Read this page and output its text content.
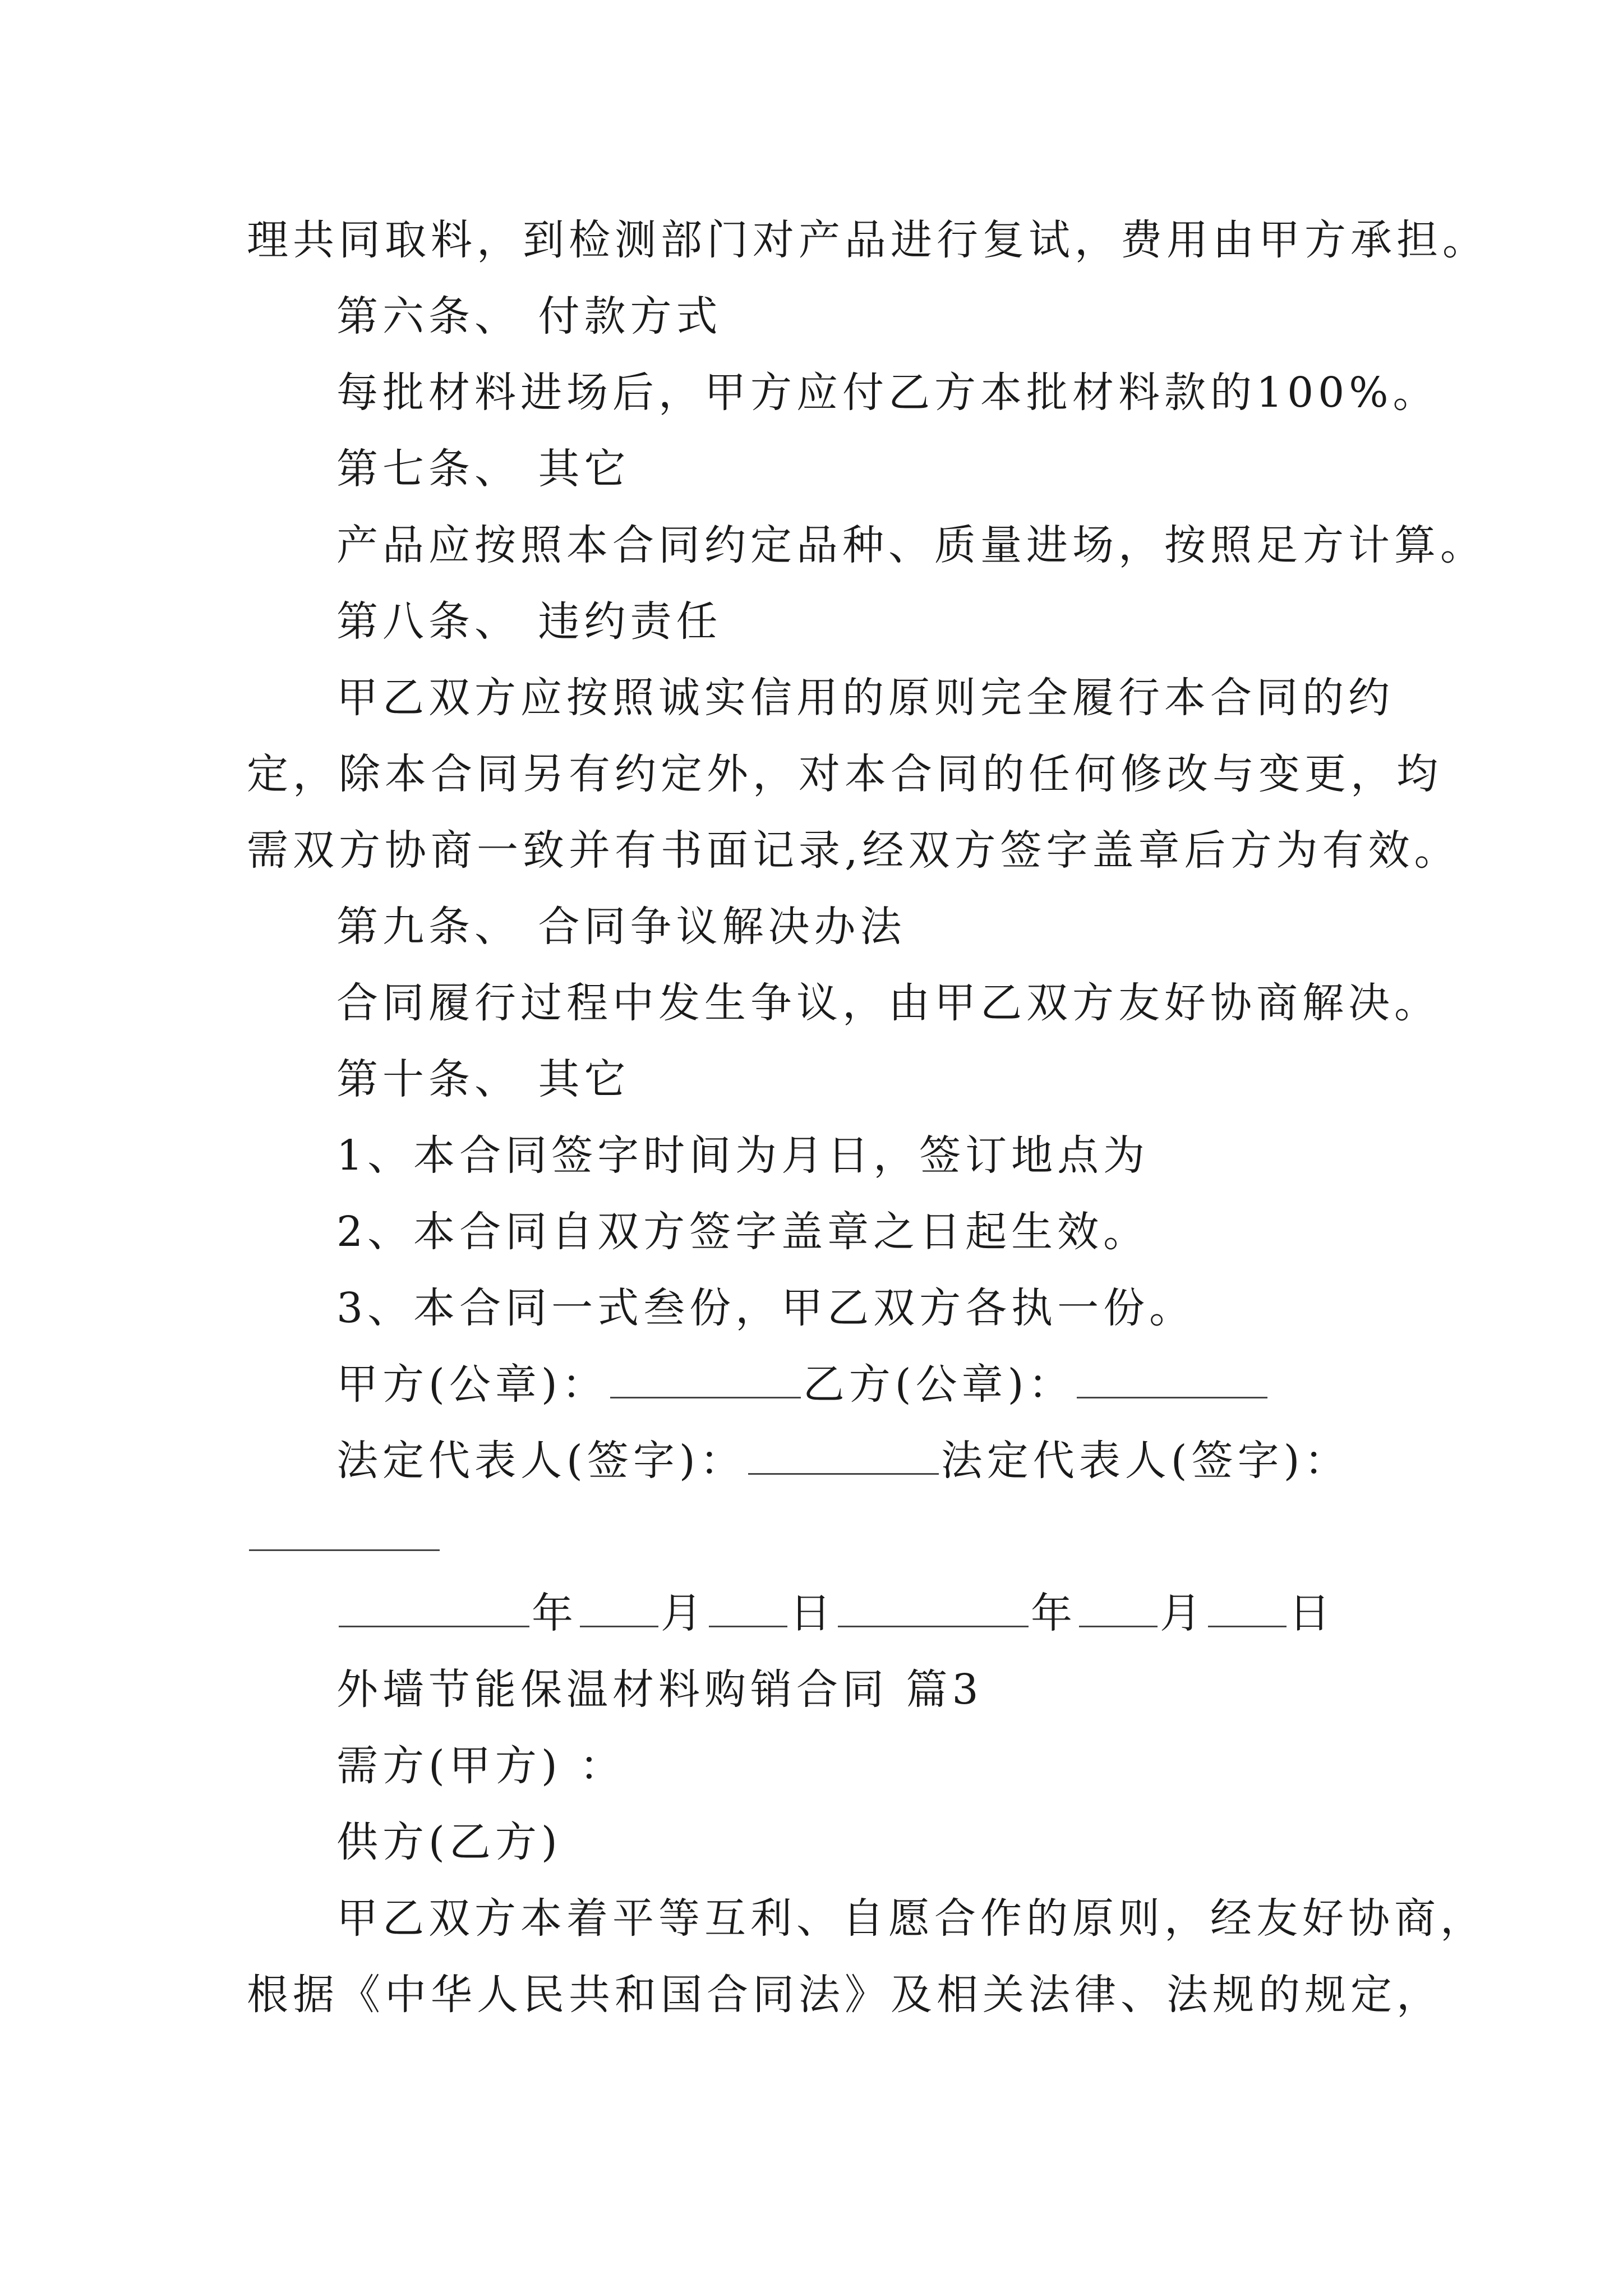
理共同取料，到检测部门对产品进行复试，费用由甲方承担。
第六条、 付款方式
每批材料进场后，甲方应付乙方本批材料款的100%。
第七条、 其它
产品应按照本合同约定品种、质量进场，按照足方计算。
第八条、 违约责任
甲乙双方应按照诚实信用的原则完全履行本合同的约
定，除本合同另有约定外，对本合同的任何修改与变更，均
需双方协商一致并有书面记录,经双方签字盖章后方为有效。
第九条、 合同争议解决办法
合同履行过程中发生争议，由甲乙双方友好协商解决。
第十条、 其它
1、本合同签字时间为月日，签订地点为
2、本合同自双方签字盖章之日起生效。
3、本合同一式叁份，甲乙双方各执一份。
甲方(公章)：	乙方(公章)：
法定代表人(签字)：	法定代表人(签字)：
年 月 日	年 月 日
外墙节能保温材料购销合同 篇3
需方(甲方) ：
供方(乙方)
甲乙双方本着平等互利、自愿合作的原则，经友好协商，
根据《中华人民共和国合同法》及相关法律、法规的规定，
